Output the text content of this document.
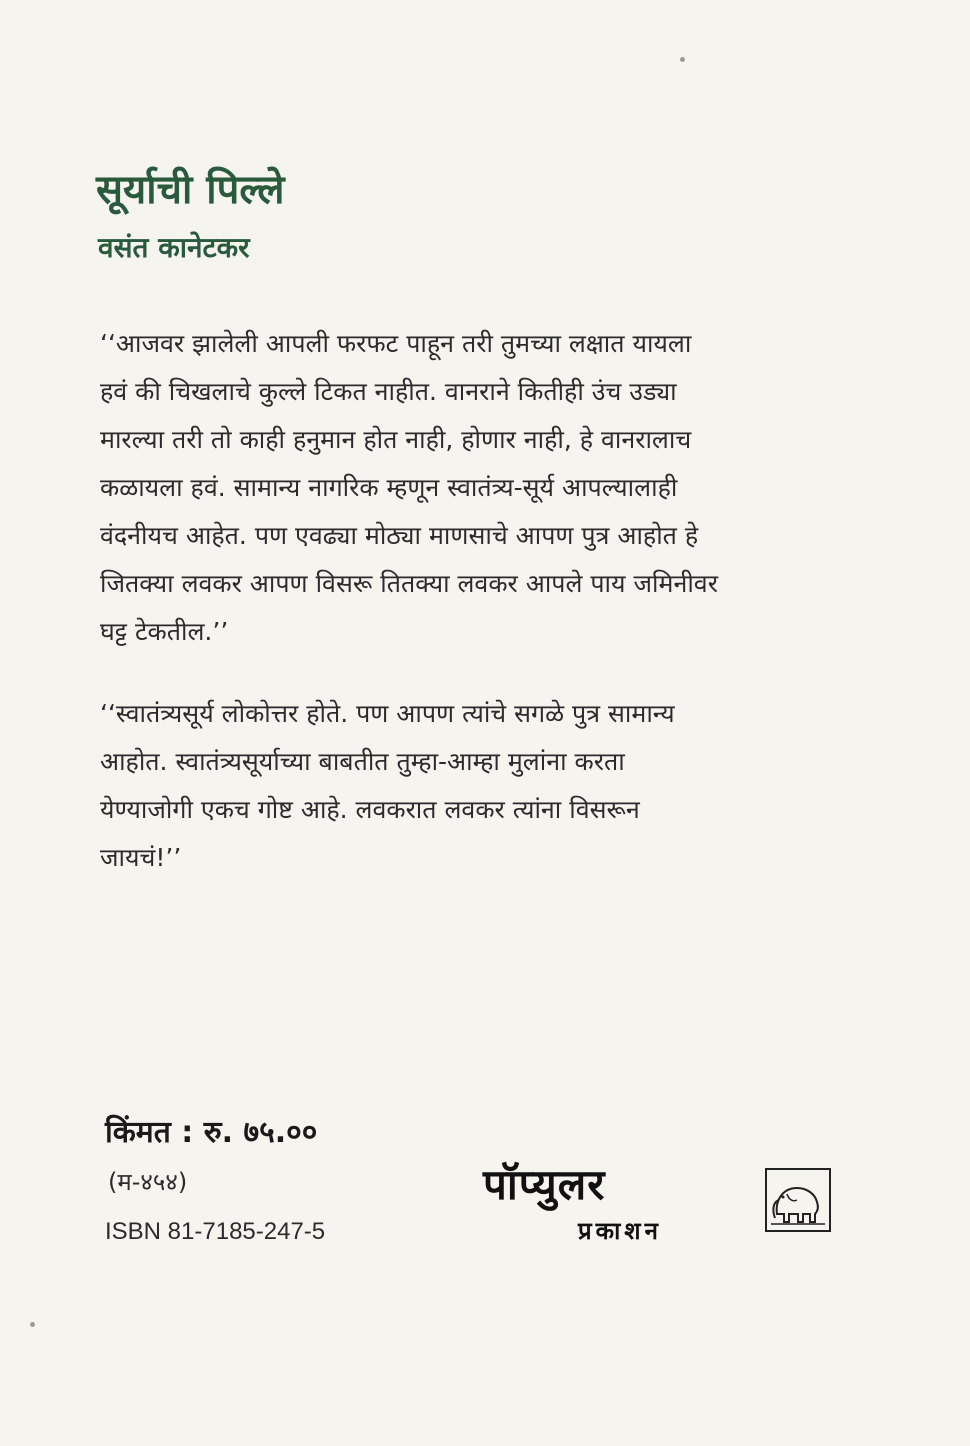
सूर्याची पिल्ले
वसंत कानेटकर

‘‘आजवर झालेली आपली फरफट पाहून तरी तुमच्या लक्षात यायला
हवं की चिखलाचे कुल्ले टिकत नाहीत. वानराने कितीही उंच उड्या
मारल्या तरी तो काही हनुमान होत नाही, होणार नाही, हे वानरालाच
कळायला हवं. सामान्य नागरिक म्हणून स्वातंत्र्य-सूर्य आपल्यालाही
वंदनीयच आहेत. पण एवढ्या मोठ्या माणसाचे आपण पुत्र आहोत हे
जितक्या लवकर आपण विसरू तितक्या लवकर आपले पाय जमिनीवर
घट्ट टेकतील.’’

‘‘स्वातंत्र्यसूर्य लोकोत्तर होते. पण आपण त्यांचे सगळे पुत्र सामान्य
आहोत. स्वातंत्र्यसूर्याच्या बाबतीत तुम्हा-आम्हा मुलांना करता
येण्याजोगी एकच गोष्ट आहे. लवकरात लवकर त्यांना विसरून
जायचं!’’

किंमत : रु. ७५.००

(म-४५४)

ISBN 81-7185-247-5

पॉप्युलर
प्रकाशन
